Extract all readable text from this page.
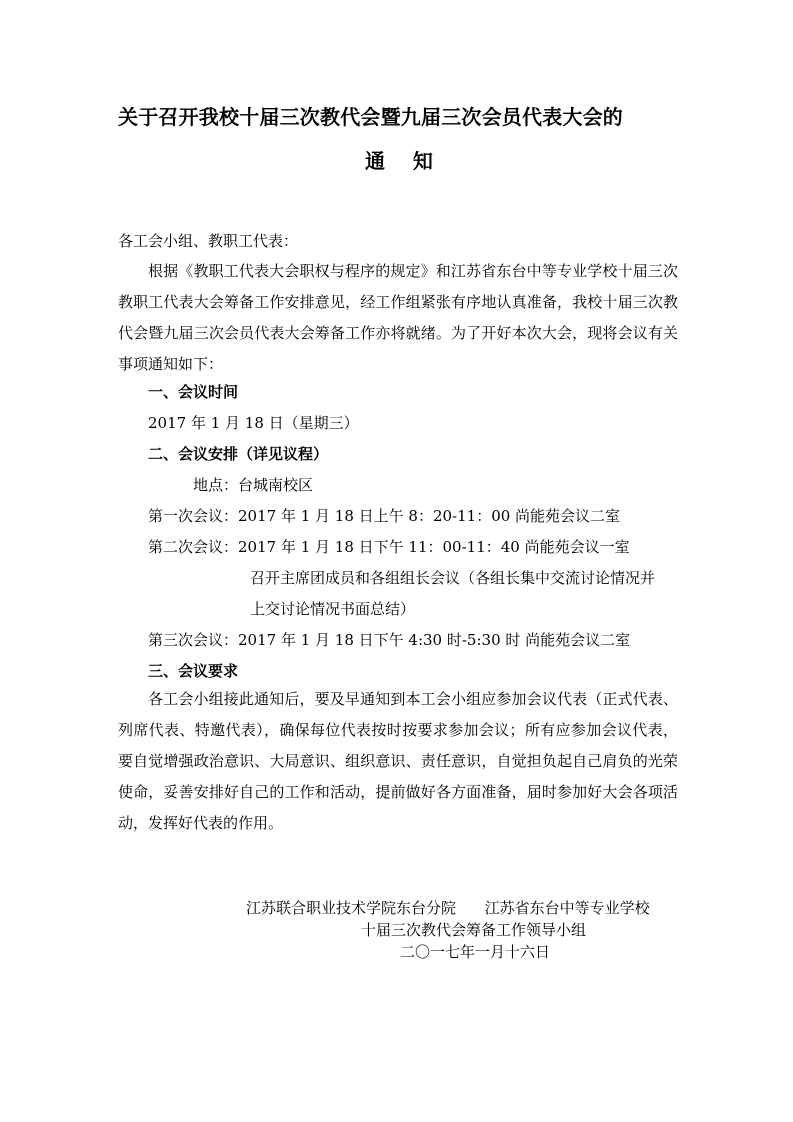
关于召开我校十届三次教代会暨九届三次会员代表大会的
通    知
各工会小组、教职工代表：
根据《教职工代表大会职权与程序的规定》和江苏省东台中等专业学校十届三次教职工代表大会筹备工作安排意见，经工作组紧张有序地认真准备，我校十届三次教代会暨九届三次会员代表大会筹备工作亦将就绪。为了开好本次大会，现将会议有关事项通知如下：
一、会议时间
2017 年 1 月 18 日（星期三）
二、会议安排（详见议程）
地点：台城南校区
第一次会议：2017 年 1 月 18 日上午 8：20-11：00 尚能苑会议二室
第二次会议：2017 年 1 月 18 日下午 11：00-11：40 尚能苑会议一室
召开主席团成员和各组组长会议（各组长集中交流讨论情况并
上交讨论情况书面总结）
第三次会议：2017 年 1 月 18 日下午 4:30 时-5:30 时 尚能苑会议二室
三、会议要求
各工会小组接此通知后，要及早通知到本工会小组应参加会议代表（正式代表、列席代表、特邀代表），确保每位代表按时按要求参加会议；所有应参加会议代表，要自觉增强政治意识、大局意识、组织意识、责任意识，自觉担负起自己肩负的光荣使命，妥善安排好自己的工作和活动，提前做好各方面准备，届时参加好大会各项活动，发挥好代表的作用。
江苏联合职业技术学院东台分院      江苏省东台中等专业学校
十届三次教代会筹备工作领导小组
二〇一七年一月十六日
